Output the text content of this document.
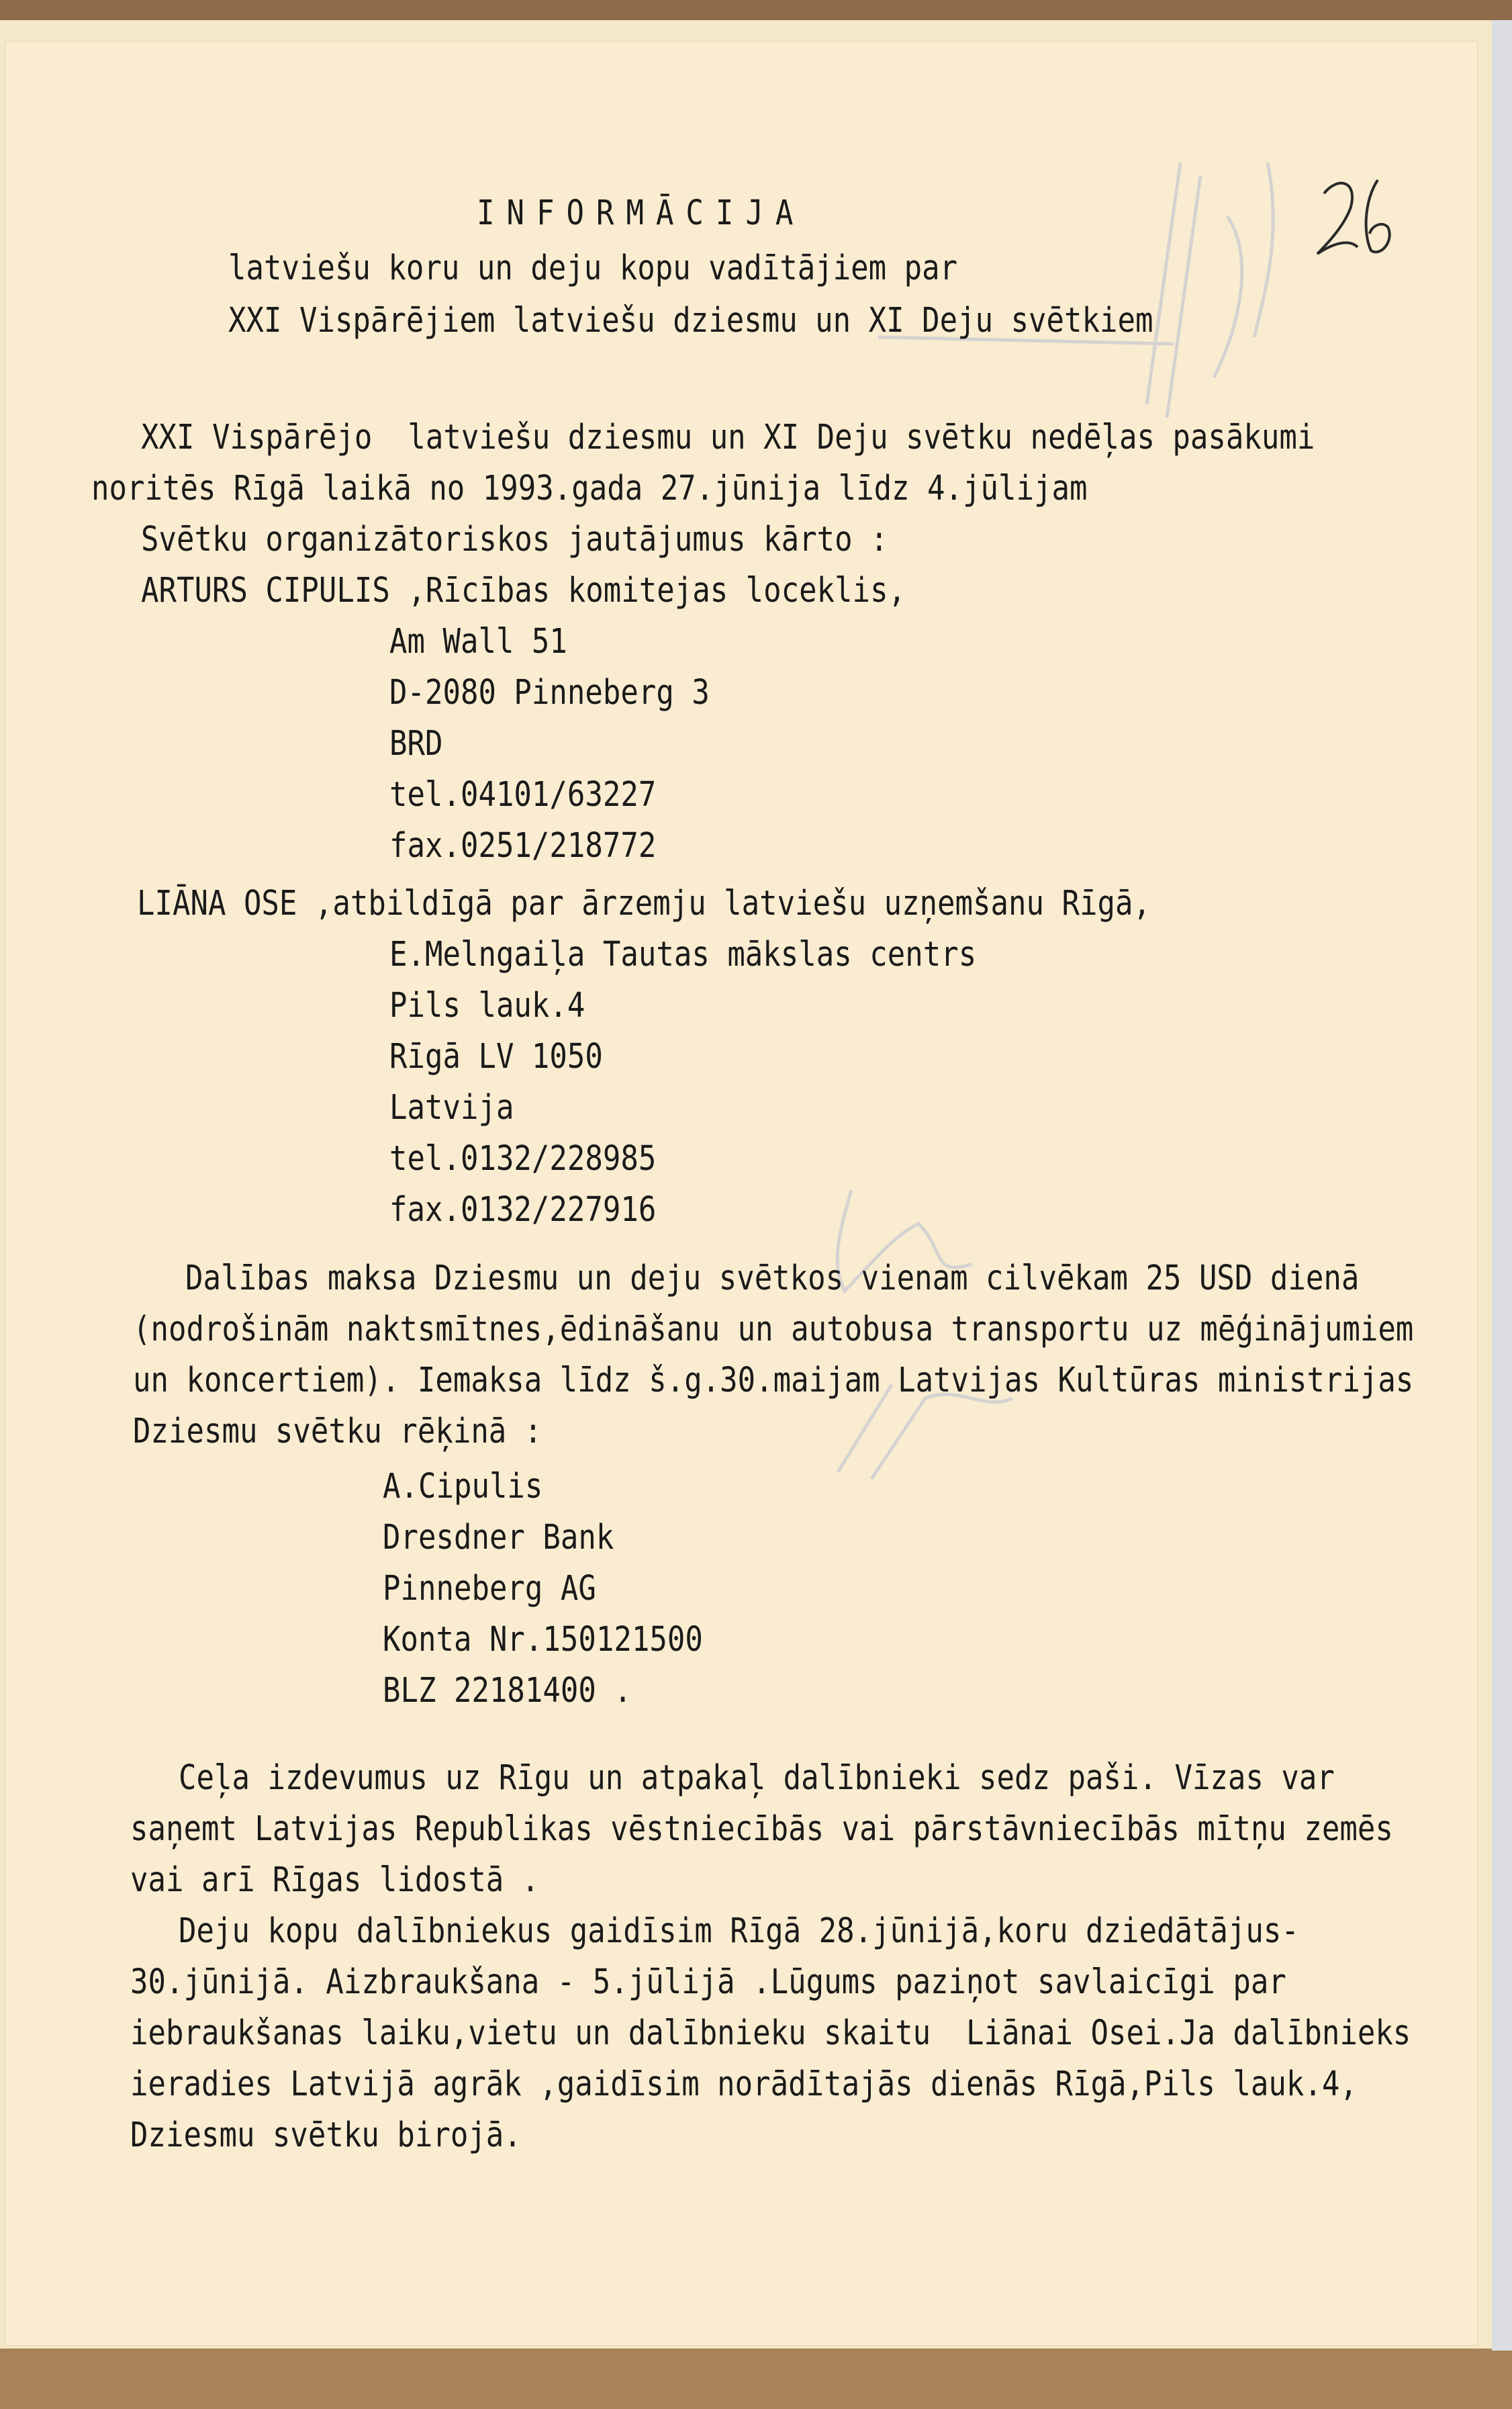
INFORMĀCIJA
latviešu koru un deju kopu vadītājiem par
XXI Vispārējiem latviešu dziesmu un XI Deju svētkiem
XXI Vispārējo  latviešu dziesmu un XI Deju svētku nedēļas pasākumi
noritēs Rīgā laikā no 1993.gada 27.jūnija līdz 4.jūlijam
Svētku organizātoriskos jautājumus kārto :
ARTURS CIPULIS ,Rīcības komitejas loceklis,
Am Wall 51
D-2080 Pinneberg 3
BRD
tel.04101/63227
fax.0251/218772
LIĀNA OSE ,atbildīgā par ārzemju latviešu uzņemšanu Rīgā,
E.Melngaiļa Tautas mākslas centrs
Pils lauk.4
Rīgā LV 1050
Latvija
tel.0132/228985
fax.0132/227916
Dalības maksa Dziesmu un deju svētkos vienam cilvēkam 25 USD dienā
(nodrošinām naktsmītnes,ēdināšanu un autobusa transportu uz mēģinājumiem
un koncertiem). Iemaksa līdz š.g.30.maijam Latvijas Kultūras ministrijas
Dziesmu svētku rēķinā :
A.Cipulis
Dresdner Bank
Pinneberg AG
Konta Nr.150121500
BLZ 22181400 .
Ceļa izdevumus uz Rīgu un atpakaļ dalībnieki sedz paši. Vīzas var
saņemt Latvijas Republikas vēstniecībās vai pārstāvniecībās mītņu zemēs
vai arī Rīgas lidostā .
Deju kopu dalībniekus gaidīsim Rīgā 28.jūnijā,koru dziedātājus-
30.jūnijā. Aizbraukšana - 5.jūlijā .Lūgums paziņot savlaicīgi par
iebraukšanas laiku,vietu un dalībnieku skaitu  Liānai Osei.Ja dalībnieks
ieradies Latvijā agrāk ,gaidīsim norādītajās dienās Rīgā,Pils lauk.4,
Dziesmu svētku birojā.
